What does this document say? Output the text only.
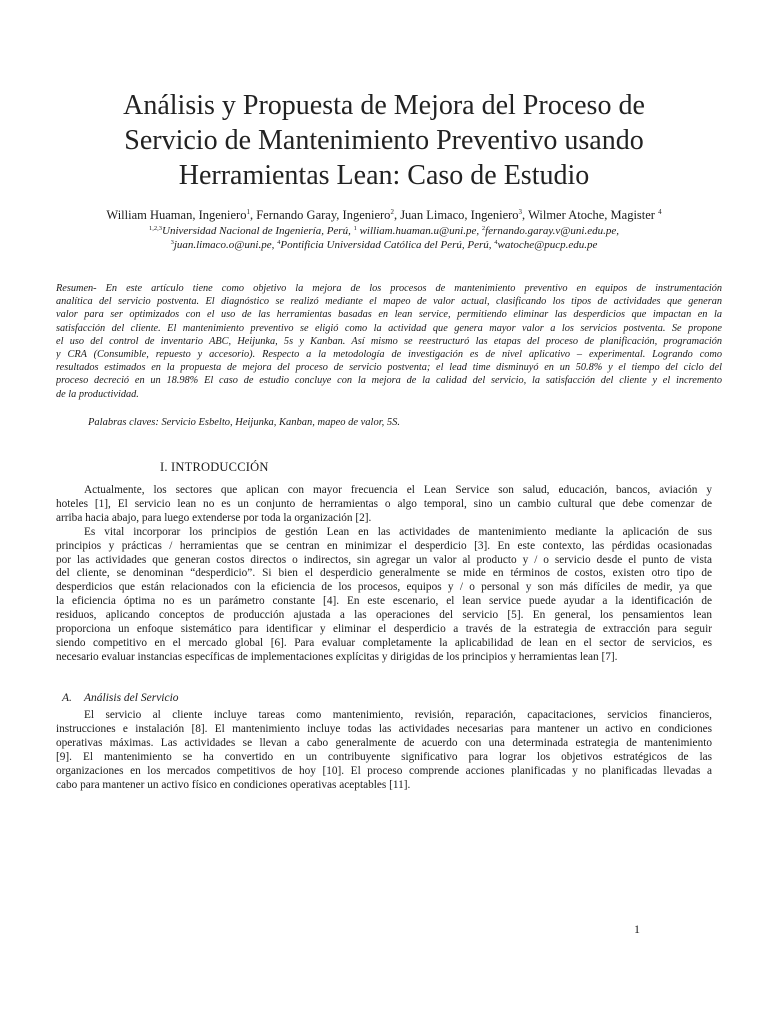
Análisis y Propuesta de Mejora del Proceso de
Servicio de Mantenimiento Preventivo usando
Herramientas Lean: Caso de Estudio
William Huaman, Ingeniero$^1$, Fernando Garay, Ingeniero$^2$, Juan Limaco, Ingeniero$^3$, Wilmer Atoche, Magister $^4$
$^{1,2,3}$Universidad Nacional de Ingeniería, Perú, $^1$ william.huaman.u@uni.pe, $^2$fernando.garay.v@uni.edu.pe,
$^3$juan.limaco.o@uni.pe, $^4$Pontificia Universidad Católica del Perú, Perú, $^4$watoche@pucp.edu.pe
Resumen- En este artículo tiene como objetivo la mejora de los procesos de mantenimiento preventivo en equipos de instrumentación
analítica del servicio postventa. El diagnóstico se realizó mediante el mapeo de valor actual, clasificando los tipos de actividades que generan
valor para ser optimizados con el uso de las herramientas basadas en lean service, permitiendo eliminar las desperdicios que impactan en la
satisfacción del cliente. El mantenimiento preventivo se eligió como la actividad que genera mayor valor a los servicios postventa. Se propone
el uso del control de inventario ABC, Heijunka, 5s y Kanban. Así mismo se reestructuró las etapas del proceso de planificación, programación
y CRA (Consumible, repuesto y accesorio). Respecto a la metodología de investigación es de nivel aplicativo – experimental. Logrando como
resultados estimados en la propuesta de mejora del proceso de servicio postventa; el lead time disminuyó en un 50.8% y el tiempo del ciclo del
proceso decreció en un 18.98% El caso de estudio concluye con la mejora de la calidad del servicio, la satisfacción del cliente y el incremento
de la productividad.
Palabras claves: Servicio Esbelto, Heijunka, Kanban, mapeo de valor, 5S.
I. INTRODUCCIÓN
Actualmente, los sectores que aplican con mayor frecuencia el Lean Service son salud, educación, bancos, aviación y
hoteles [1], El servicio lean no es un conjunto de herramientas o algo temporal, sino un cambio cultural que debe comenzar de
arriba hacia abajo, para luego extenderse por toda la organización [2].
Es vital incorporar los principios de gestión Lean en las actividades de mantenimiento mediante la aplicación de sus
principios y prácticas / herramientas que se centran en minimizar el desperdicio [3]. En este contexto, las pérdidas ocasionadas
por las actividades que generan costos directos o indirectos, sin agregar un valor al producto y / o servicio desde el punto de vista
del cliente, se denominan “desperdicio”. Si bien el desperdicio generalmente se mide en términos de costos, existen otro tipo de
desperdicios que están relacionados con la eficiencia de los procesos, equipos y / o personal y son más difíciles de medir, ya que
la eficiencia óptima no es un parámetro constante [4]. En este escenario, el lean service puede ayudar a la identificación de
residuos, aplicando conceptos de producción ajustada a las operaciones del servicio [5]. En general, los pensamientos lean
proporciona un enfoque sistemático para identificar y eliminar el desperdicio a través de la estrategia de extracción para seguir
siendo competitivo en el mercado global [6]. Para evaluar completamente la aplicabilidad de lean en el sector de servicios, es
necesario evaluar instancias específicas de implementaciones explícitas y dirigidas de los principios y herramientas lean [7].
A. Análisis del Servicio
El servicio al cliente incluye tareas como mantenimiento, revisión, reparación, capacitaciones, servicios financieros,
instrucciones e instalación [8]. El mantenimiento incluye todas las actividades necesarias para mantener un activo en condiciones
operativas máximas. Las actividades se llevan a cabo generalmente de acuerdo con una determinada estrategia de mantenimiento
[9]. El mantenimiento se ha convertido en un contribuyente significativo para lograr los objetivos estratégicos de las
organizaciones en los mercados competitivos de hoy [10]. El proceso comprende acciones planificadas y no planificadas llevadas a
cabo para mantener un activo físico en condiciones operativas aceptables [11].
1
